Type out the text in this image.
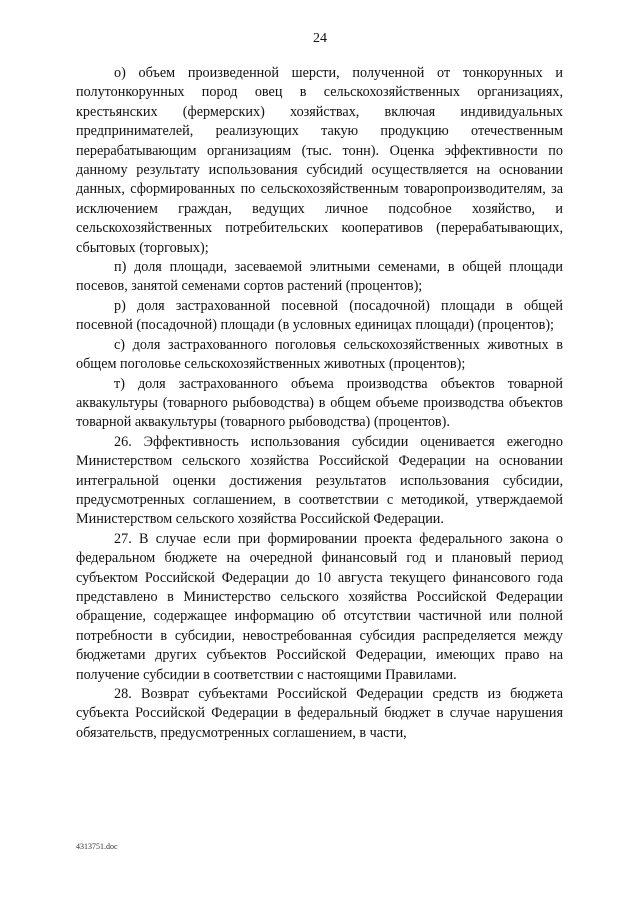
24

о) объем произведенной шерсти, полученной от тонкорунных и полутонкорунных пород овец в сельскохозяйственных организациях, крестьянских (фермерских) хозяйствах, включая индивидуальных предпринимателей, реализующих такую продукцию отечественным перерабатывающим организациям (тыс. тонн). Оценка эффективности по данному результату использования субсидий осуществляется на основании данных, сформированных по сельскохозяйственным товаропроизводителям, за исключением граждан, ведущих личное подсобное хозяйство, и сельскохозяйственных потребительских кооперативов (перерабатывающих, сбытовых (торговых);

п) доля площади, засеваемой элитными семенами, в общей площади посевов, занятой семенами сортов растений (процентов);

р) доля застрахованной посевной (посадочной) площади в общей посевной (посадочной) площади (в условных единицах площади) (процентов);

с) доля застрахованного поголовья сельскохозяйственных животных в общем поголовье сельскохозяйственных животных (процентов);

т) доля застрахованного объема производства объектов товарной аквакультуры (товарного рыбоводства) в общем объеме производства объектов товарной аквакультуры (товарного рыбоводства) (процентов).

26. Эффективность использования субсидии оценивается ежегодно Министерством сельского хозяйства Российской Федерации на основании интегральной оценки достижения результатов использования субсидии, предусмотренных соглашением, в соответствии с методикой, утверждаемой Министерством сельского хозяйства Российской Федерации.

27. В случае если при формировании проекта федерального закона о федеральном бюджете на очередной финансовый год и плановый период субъектом Российской Федерации до 10 августа текущего финансового года представлено в Министерство сельского хозяйства Российской Федерации обращение, содержащее информацию об отсутствии частичной или полной потребности в субсидии, невостребованная субсидия распределяется между бюджетами других субъектов Российской Федерации, имеющих право на получение субсидии в соответствии с настоящими Правилами.

28. Возврат субъектами Российской Федерации средств из бюджета субъекта Российской Федерации в федеральный бюджет в случае нарушения обязательств, предусмотренных соглашением, в части,

4313751.doc
